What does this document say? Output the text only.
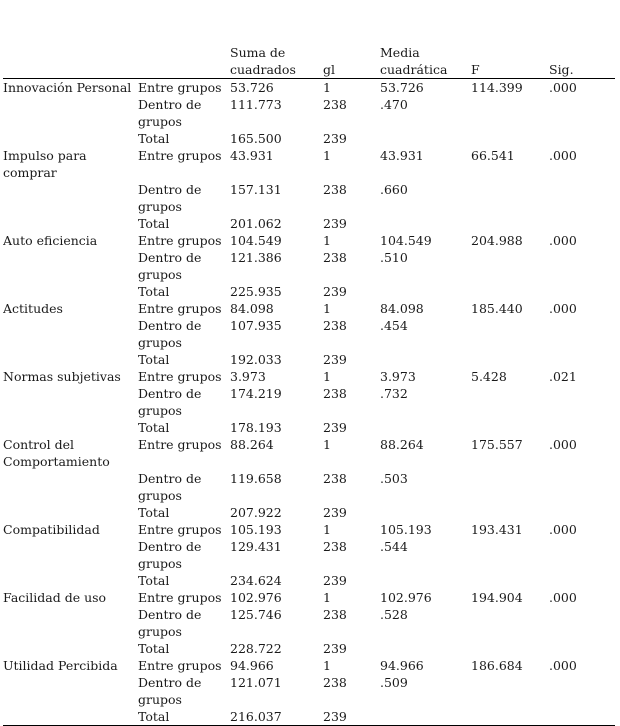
		Suma de cuadrados	gl	Media cuadrática	F	Sig.
Innovación Personal	Entre grupos	53.726	1	53.726	114.399	.000
	Dentro de grupos	111.773	238	.470		
	Total	165.500	239			
Impulso para comprar	Entre grupos	43.931	1	43.931	66.541	.000
	Dentro de grupos	157.131	238	.660		
	Total	201.062	239			
Auto eficiencia	Entre grupos	104.549	1	104.549	204.988	.000
	Dentro de grupos	121.386	238	.510		
	Total	225.935	239			
Actitudes	Entre grupos	84.098	1	84.098	185.440	.000
	Dentro de grupos	107.935	238	.454		
	Total	192.033	239			
Normas subjetivas	Entre grupos	3.973	1	3.973	5.428	.021
	Dentro de grupos	174.219	238	.732		
	Total	178.193	239			
Control del Comportamiento	Entre grupos	88.264	1	88.264	175.557	.000
	Dentro de grupos	119.658	238	.503		
	Total	207.922	239			
Compatibilidad	Entre grupos	105.193	1	105.193	193.431	.000
	Dentro de grupos	129.431	238	.544		
	Total	234.624	239			
Facilidad de uso	Entre grupos	102.976	1	102.976	194.904	.000
	Dentro de grupos	125.746	238	.528		
	Total	228.722	239			
Utilidad Percibida	Entre grupos	94.966	1	94.966	186.684	.000
	Dentro de grupos	121.071	238	.509		
	Total	216.037	239			
